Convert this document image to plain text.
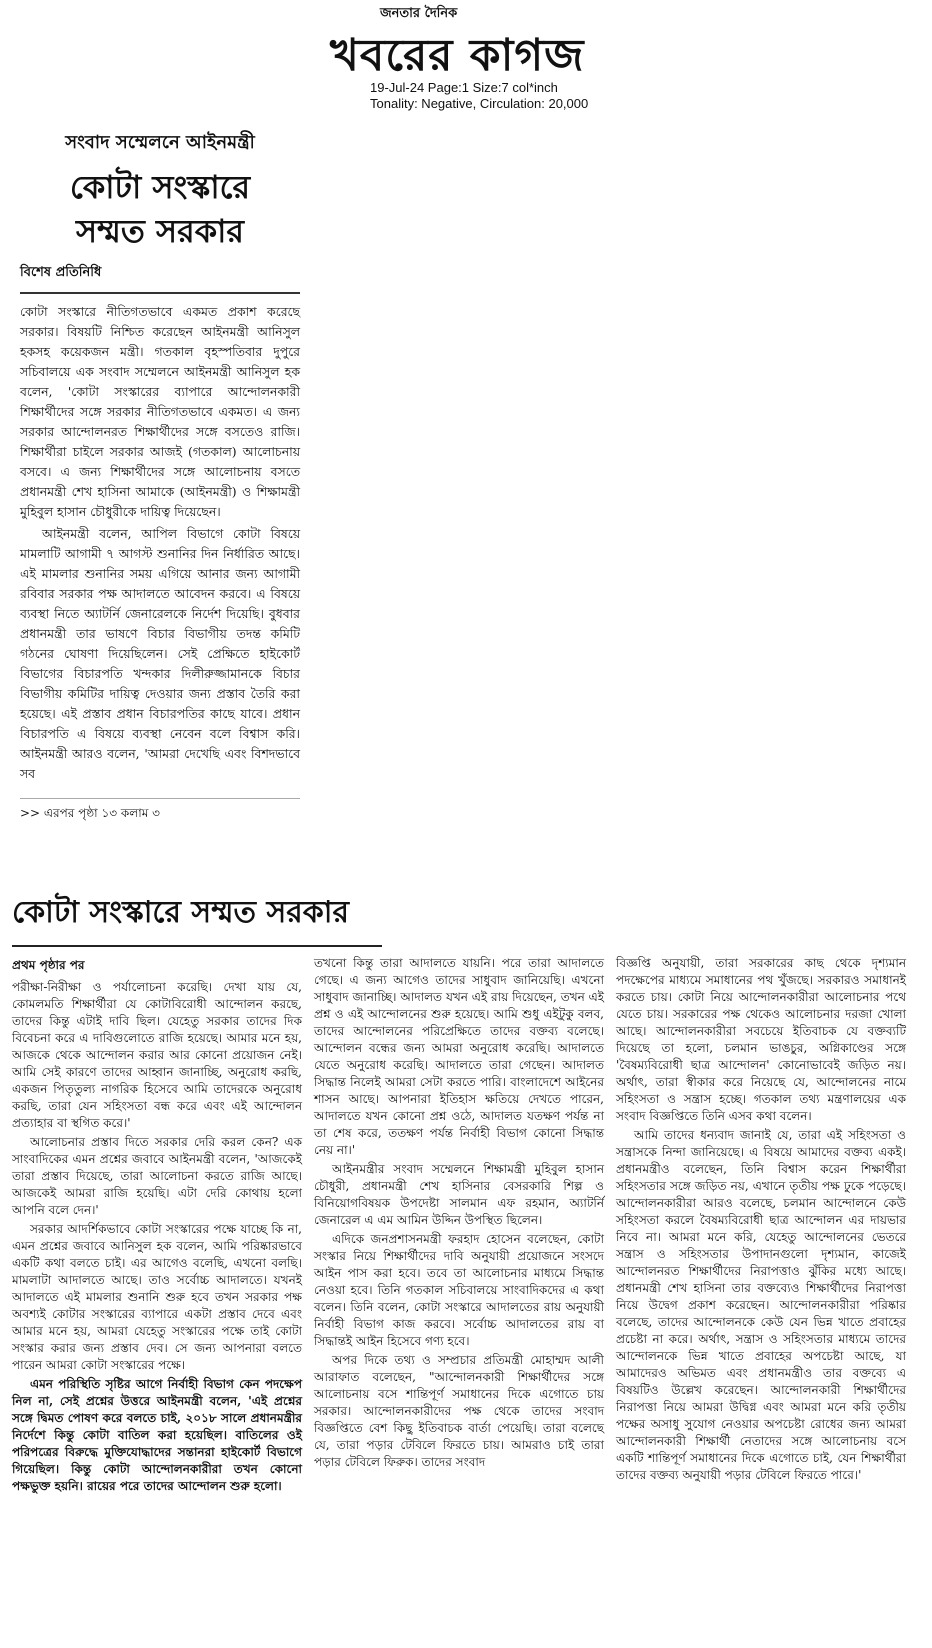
জনতার দৈনিক
খবরের কাগজ
19-Jul-24 Page:1 Size:7 col*inch
Tonality: Negative, Circulation: 20,000
সংবাদ সম্মেলনে আইনমন্ত্রী
কোটা সংস্কারে
সম্মত সরকার
বিশেষ প্রতিনিধি

কোটা সংস্কারে নীতিগতভাবে একমত প্রকাশ করেছে সরকার। বিষয়টি নিশ্চিত করেছেন আইনমন্ত্রী আনিসুল হকসহ কয়েকজন মন্ত্রী। গতকাল বৃহস্পতিবার দুপুরে সচিবালয়ে এক সংবাদ সম্মেলনে আইনমন্ত্রী আনিসুল হক বলেন, 'কোটা সংস্কারের ব্যাপারে আন্দোলনকারী শিক্ষার্থীদের সঙ্গে সরকার নীতিগতভাবে একমত। এ জন্য সরকার আন্দোলনরত শিক্ষার্থীদের সঙ্গে বসতেও রাজি। শিক্ষার্থীরা চাইলে সরকার আজই (গতকাল) আলোচনায় বসবে। এ জন্য শিক্ষার্থীদের সঙ্গে আলোচনায় বসতে প্রধানমন্ত্রী শেখ হাসিনা আমাকে (আইনমন্ত্রী) ও শিক্ষামন্ত্রী মুহিবুল হাসান চৌধুরীকে দায়িত্ব দিয়েছেন।

আইনমন্ত্রী বলেন, আপিল বিভাগে কোটা বিষয়ে মামলাটি আগামী ৭ আগস্ট শুনানির দিন নির্ধারিত আছে। এই মামলার শুনানির সময় এগিয়ে আনার জন্য আগামী রবিবার সরকার পক্ষ আদালতে আবেদন করবে। এ বিষয়ে ব্যবস্থা নিতে অ্যাটর্নি জেনারেলকে নির্দেশ দিয়েছি। বুধবার প্রধানমন্ত্রী তার ভাষণে বিচার বিভাগীয় তদন্ত কমিটি গঠনের ঘোষণা দিয়েছিলেন। সেই প্রেক্ষিতে হাইকোর্ট বিভাগের বিচারপতি খন্দকার দিলীরুজ্জামানকে বিচার বিভাগীয় কমিটির দায়িত্ব দেওয়ার জন্য প্রস্তাব তৈরি করা হয়েছে। এই প্রস্তাব প্রধান বিচারপতির কাছে যাবে। প্রধান বিচারপতি এ বিষয়ে ব্যবস্থা নেবেন বলে বিশ্বাস করি। আইনমন্ত্রী আরও বলেন, 'আমরা দেখেছি এবং বিশদভাবে সব

>> এরপর পৃষ্ঠা ১৩ কলাম ৩
কোটা সংস্কারে সম্মত সরকার
প্রথম পৃষ্ঠার পর

পরীক্ষা-নিরীক্ষা ও পর্যালোচনা করেছি। দেখা যায় যে, কোমলমতি শিক্ষার্থীরা যে কোটাবিরোধী আন্দোলন করছে, তাদের কিন্তু এটাই দাবি ছিল। যেহেতু সরকার তাদের দিক বিবেচনা করে এ দাবিগুলোতে রাজি হয়েছে। আমার মনে হয়, আজকে থেকে আন্দোলন করার আর কোনো প্রয়োজন নেই। আমি সেই কারণে তাদের আহ্বান জানাচ্ছি, অনুরোধ করছি, একজন পিতৃতুল্য নাগরিক হিসেবে আমি তাদেরকে অনুরোধ করছি, তারা যেন সহিংসতা বন্ধ করে এবং এই আন্দোলন প্রত্যাহার বা স্থগিত করে।'

আলোচনার প্রস্তাব দিতে সরকার দেরি করল কেন? এক সাংবাদিকের এমন প্রশ্নের জবাবে আইনমন্ত্রী বলেন, 'আজকেই তারা প্রস্তাব দিয়েছে, তারা আলোচনা করতে রাজি আছে। আজকেই আমরা রাজি হয়েছি। এটা দেরি কোথায় হলো আপনি বলে দেন।'

সরকার আদর্শিকভাবে কোটা সংস্কারের পক্ষে যাচ্ছে কি না, এমন প্রশ্নের জবাবে আনিসুল হক বলেন, আমি পরিষ্কারভাবে একটি কথা বলতে চাই। এর আগেও বলেছি, এখনো বলছি। মামলাটা আদালতে আছে। তাও সর্বোচ্চ আদালতে। যখনই আদালতে এই মামলার শুনানি শুরু হবে তখন সরকার পক্ষ অবশ্যই কোটার সংস্কারের ব্যাপারে একটা প্রস্তাব দেবে এবং আমার মনে হয়, আমরা যেহেতু সংস্কারের পক্ষে তাই কোটা সংস্কার করার জন্য প্রস্তাব দেব। সে জন্য আপনারা বলতে পারেন আমরা কোটা সংস্কারের পক্ষে।

এমন পরিস্থিতি সৃষ্টির আগে নির্বাহী বিভাগ কেন পদক্ষেপ নিল না, সেই প্রশ্নের উত্তরে আইনমন্ত্রী বলেন, 'এই প্রশ্নের সঙ্গে দ্বিমত পোষণ করে বলতে চাই, ২০১৮ সালে প্রধানমন্ত্রীর নির্দেশে কিন্তু কোটা বাতিল করা হয়েছিল। বাতিলের ওই পরিপত্রের বিরুদ্ধে মুক্তিযোদ্ধাদের সন্তানরা হাইকোর্ট বিভাগে গিয়েছিল। কিন্তু কোটা আন্দোলনকারীরা তখন কোনো পক্ষভুক্ত হয়নি। রায়ের পরে তাদের আন্দোলন শুরু হলো।

তখনো কিন্তু তারা আদালতে যায়নি। পরে তারা আদালতে গেছে। এ জন্য আগেও তাদের সাধুবাদ জানিয়েছি। এখনো সাধুবাদ জানাচ্ছি। আদালত যখন এই রায় দিয়েছেন, তখন এই প্রশ্ন ও এই আন্দোলনের শুরু হয়েছে। আমি শুধু এইটুকু বলব, তাদের আন্দোলনের পরিপ্রেক্ষিতে তাদের বক্তব্য বলেছে। আন্দোলন বন্ধের জন্য আমরা অনুরোধ করেছি। আদালতে যেতে অনুরোধ করেছি। আদালতে তারা গেছেন। আদালত সিদ্ধান্ত নিলেই আমরা সেটা করতে পারি। বাংলাদেশে আইনের শাসন আছে। আপনারা ইতিহাস ক্ষতিয়ে দেখতে পারেন, আদালতে যখন কোনো প্রশ্ন ওঠে, আদালত যতক্ষণ পর্যন্ত না তা শেষ করে, ততক্ষণ পর্যন্ত নির্বাহী বিভাগ কোনো সিদ্ধান্ত নেয় না।'

আইনমন্ত্রীর সংবাদ সম্মেলনে শিক্ষামন্ত্রী মুহিবুল হাসান চৌধুরী, প্রধানমন্ত্রী শেখ হাসিনার বেসরকারি শিল্প ও বিনিয়োগবিষয়ক উপদেষ্টা সালমান এফ রহমান, অ্যাটর্নি জেনারেল এ এম আমিন উদ্দিন উপস্থিত ছিলেন।

এদিকে জনপ্রশাসনমন্ত্রী ফরহাদ হোসেন বলেছেন, কোটা সংস্কার নিয়ে শিক্ষার্থীদের দাবি অনুযায়ী প্রয়োজনে সংসদে আইন পাস করা হবে। তবে তা আলোচনার মাধ্যমে সিদ্ধান্ত নেওয়া হবে। তিনি গতকাল সচিবালয়ে সাংবাদিকদের এ কথা বলেন। তিনি বলেন, কোটা সংস্কারে আদালতের রায় অনুযায়ী নির্বাহী বিভাগ কাজ করবে। সর্বোচ্চ আদালতের রায় বা সিদ্ধান্তই আইন হিসেবে গণ্য হবে।

অপর দিকে তথ্য ও সম্প্রচার প্রতিমন্ত্রী মোহাম্মদ আলী আরাফাত বলেছেন, "আন্দোলনকারী শিক্ষার্থীদের সঙ্গে আলোচনায় বসে শান্তিপূর্ণ সমাধানের দিকে এগোতে চায় সরকার। আন্দোলনকারীদের পক্ষ থেকে তাদের সংবাদ বিজ্ঞপ্তিতে বেশ কিছু ইতিবাচক বার্তা পেয়েছি। তারা বলেছে যে, তারা পড়ার টেবিলে ফিরতে চায়। আমরাও চাই তারা পড়ার টেবিলে ফিরুক। তাদের সংবাদ

বিজ্ঞপ্তি অনুযায়ী, তারা সরকারের কাছ থেকে দৃশ্যমান পদক্ষেপের মাধ্যমে সমাধানের পথ খুঁজছে। সরকারও সমাধানই করতে চায়। কোটা নিয়ে আন্দোলনকারীরা আলোচনার পথে যেতে চায়। সরকারের পক্ষ থেকেও আলোচনার দরজা খোলা আছে। আন্দোলনকারীরা সবচেয়ে ইতিবাচক যে বক্তব্যটি দিয়েছে তা হলো, চলমান ভাঙচুর, অগ্নিকাণ্ডের সঙ্গে 'বৈষম্যবিরোধী ছাত্র আন্দোলন' কোনোভাবেই জড়িত নয়। অর্থাৎ, তারা স্বীকার করে নিয়েছে যে, আন্দোলনের নামে সহিংসতা ও সন্ত্রাস হচ্ছে। গতকাল তথ্য মন্ত্রণালয়ের এক সংবাদ বিজ্ঞপ্তিতে তিনি এসব কথা বলেন।

আমি তাদের ধন্যবাদ জানাই যে, তারা এই সহিংসতা ও সন্ত্রাসকে নিন্দা জানিয়েছে। এ বিষয়ে আমাদের বক্তব্য একই। প্রধানমন্ত্রীও বলেছেন, তিনি বিশ্বাস করেন শিক্ষার্থীরা সহিংসতার সঙ্গে জড়িত নয়, এখানে তৃতীয় পক্ষ ঢুকে পড়েছে। আন্দোলনকারীরা আরও বলেছে, চলমান আন্দোলনে কেউ সহিংসতা করলে বৈষম্যবিরোধী ছাত্র আন্দোলন এর দায়ভার নিবে না। আমরা মনে করি, যেহেতু আন্দোলনের ভেতরে সন্ত্রাস ও সহিংসতার উপাদানগুলো দৃশ্যমান, কাজেই আন্দোলনরত শিক্ষার্থীদের নিরাপত্তাও ঝুঁকির মধ্যে আছে। প্রধানমন্ত্রী শেখ হাসিনা তার বক্তব্যেও শিক্ষার্থীদের নিরাপত্তা নিয়ে উদ্বেগ প্রকাশ করেছেন। আন্দোলনকারীরা পরিষ্কার বলেছে, তাদের আন্দোলনকে কেউ যেন ভিন্ন খাতে প্রবাহের প্রচেষ্টা না করে। অর্থাৎ, সন্ত্রাস ও সহিংসতার মাধ্যমে তাদের আন্দোলনকে ভিন্ন খাতে প্রবাহের অপচেষ্টা আছে, যা আমাদেরও অভিমত এবং প্রধানমন্ত্রীও তার বক্তব্যে এ বিষয়টিও উল্লেখ করেছেন। আন্দোলনকারী শিক্ষার্থীদের নিরাপত্তা নিয়ে আমরা উদ্বিগ্ন এবং আমরা মনে করি তৃতীয় পক্ষের অসাধু সুযোগ নেওয়ার অপচেষ্টা রোধের জন্য আমরা আন্দোলনকারী শিক্ষার্থী নেতাদের সঙ্গে আলোচনায় বসে একটি শান্তিপূর্ণ সমাধানের দিকে এগোতে চাই, যেন শিক্ষার্থীরা তাদের বক্তব্য অনুযায়ী পড়ার টেবিলে ফিরতে পারে।'
